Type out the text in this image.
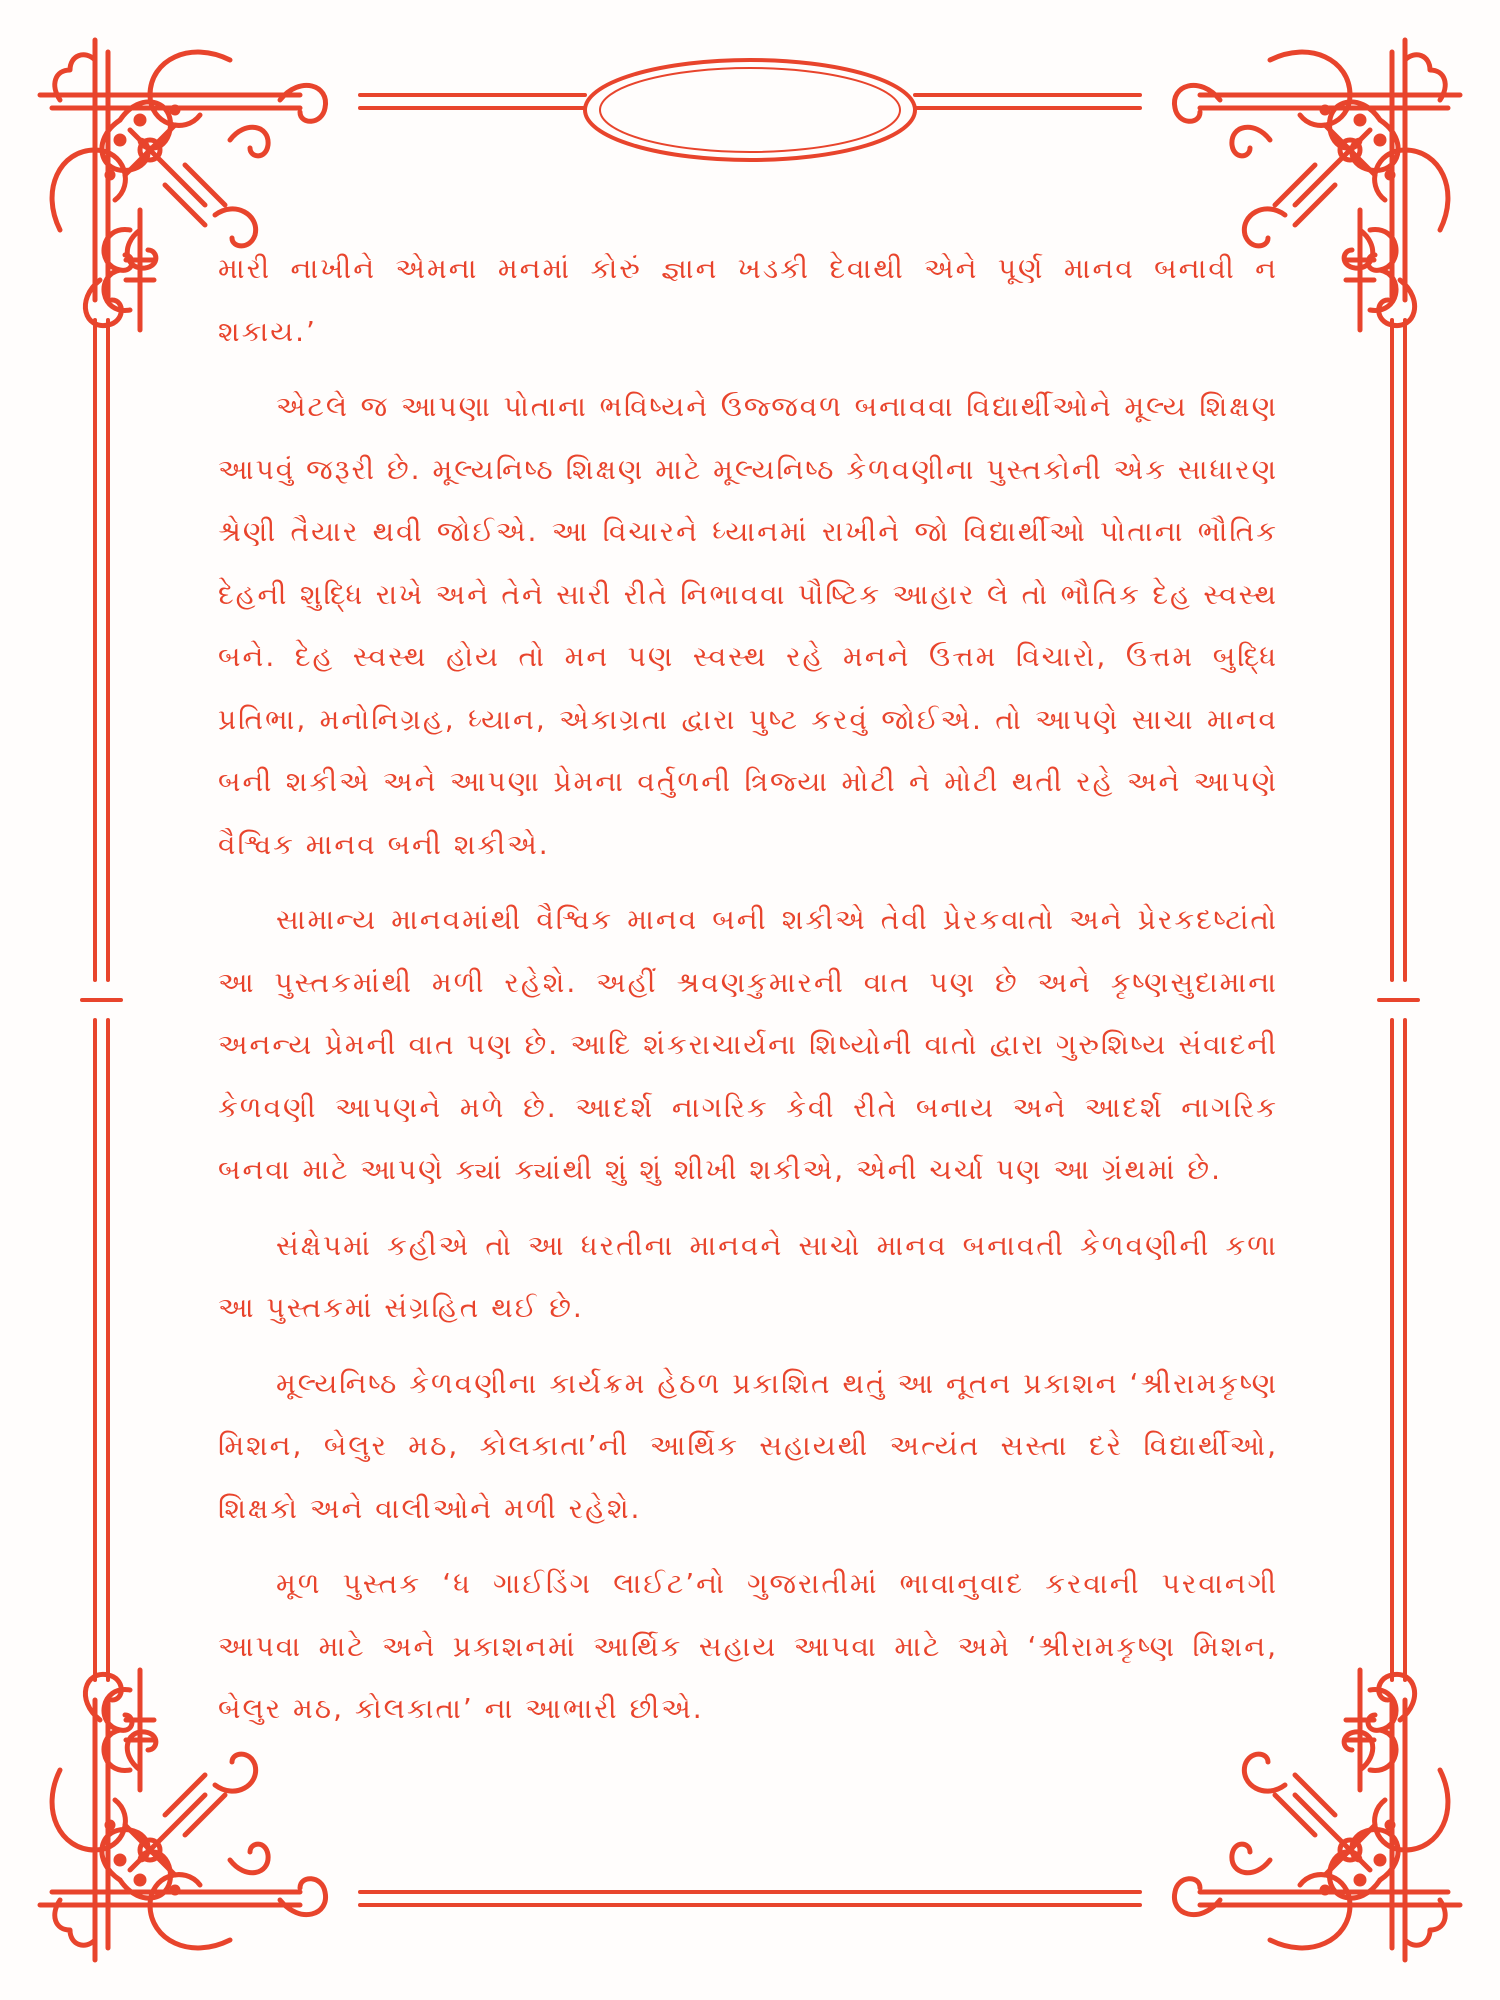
મારી નાખીને એમના મનમાં કોરું જ્ઞાન ખડકી દેવાથી એને પૂર્ણ માનવ બનાવી ન શકાય.’

એટલે જ આપણા પોતાના ભવિષ્યને ઉજ્જવળ બનાવવા વિદ્યાર્થીઓને મૂલ્ય શિક્ષણ આપવું જરૂરી છે. મૂલ્યનિષ્ઠ શિક્ષણ માટે મૂલ્યનિષ્ઠ કેળવણીના પુસ્તકોની એક સાધારણ શ્રેણી તૈયાર થવી જોઈએ. આ વિચારને ધ્યાનમાં રાખીને જો વિદ્યાર્થીઓ પોતાના ભૌતિક દેહની શુદ્ધિ રાખે અને તેને સારી રીતે નિભાવવા પૌષ્ટિક આહાર લે તો ભૌતિક દેહ સ્વસ્થ બને. દેહ સ્વસ્થ હોય તો મન પણ સ્વસ્થ રહે મનને ઉત્તમ વિચારો, ઉત્તમ બુદ્ધિ પ્રતિભા, મનોનિગ્રહ, ધ્યાન, એકાગ્રતા દ્વારા પુષ્ટ કરવું જોઈએ. તો આપણે સાચા માનવ બની શકીએ અને આપણા પ્રેમના વર્તુળની ત્રિજ્યા મોટી ને મોટી થતી રહે અને આપણે વૈશ્વિક માનવ બની શકીએ.

સામાન્ય માનવમાંથી વૈશ્વિક માનવ બની શકીએ તેવી પ્રેરકવાતો અને પ્રેરકદષ્ટાંતો આ પુસ્તકમાંથી મળી રહેશે. અહીં શ્રવણકુમારની વાત પણ છે અને કૃષ્ણસુદામાના અનન્ય પ્રેમની વાત પણ છે. આદિ શંકરાચાર્યના શિષ્યોની વાતો દ્વારા ગુરુશિષ્ય સંવાદની કેળવણી આપણને મળે છે. આદર્શ નાગરિક કેવી રીતે બનાય અને આદર્શ નાગરિક બનવા માટે આપણે ક્યાં ક્યાંથી શું શું શીખી શકીએ, એની ચર્ચા પણ આ ગ્રંથમાં છે.

સંક્ષેપમાં કહીએ તો આ ધરતીના માનવને સાચો માનવ બનાવતી કેળવણીની કળા આ પુસ્તકમાં સંગ્રહિત થઈ છે.

મૂલ્યનિષ્ઠ કેળવણીના કાર્યક્રમ હેઠળ પ્રકાશિત થતું આ નૂતન પ્રકાશન ‘શ્રીરામકૃષ્ણ મિશન, બેલુર મઠ, કોલકાતા’ની આર્થિક સહાયથી અત્યંત સસ્તા દરે વિદ્યાર્થીઓ, શિક્ષકો અને વાલીઓને મળી રહેશે.

મૂળ પુસ્તક ‘ધ ગાઈડિંગ લાઈટ’નો ગુજરાતીમાં ભાવાનુવાદ કરવાની પરવાનગી આપવા માટે અને પ્રકાશનમાં આર્થિક સહાય આપવા માટે અમે ‘શ્રીરામકૃષ્ણ મિશન, બેલુર મઠ, કોલકાતા’ ના આભારી છીએ.
